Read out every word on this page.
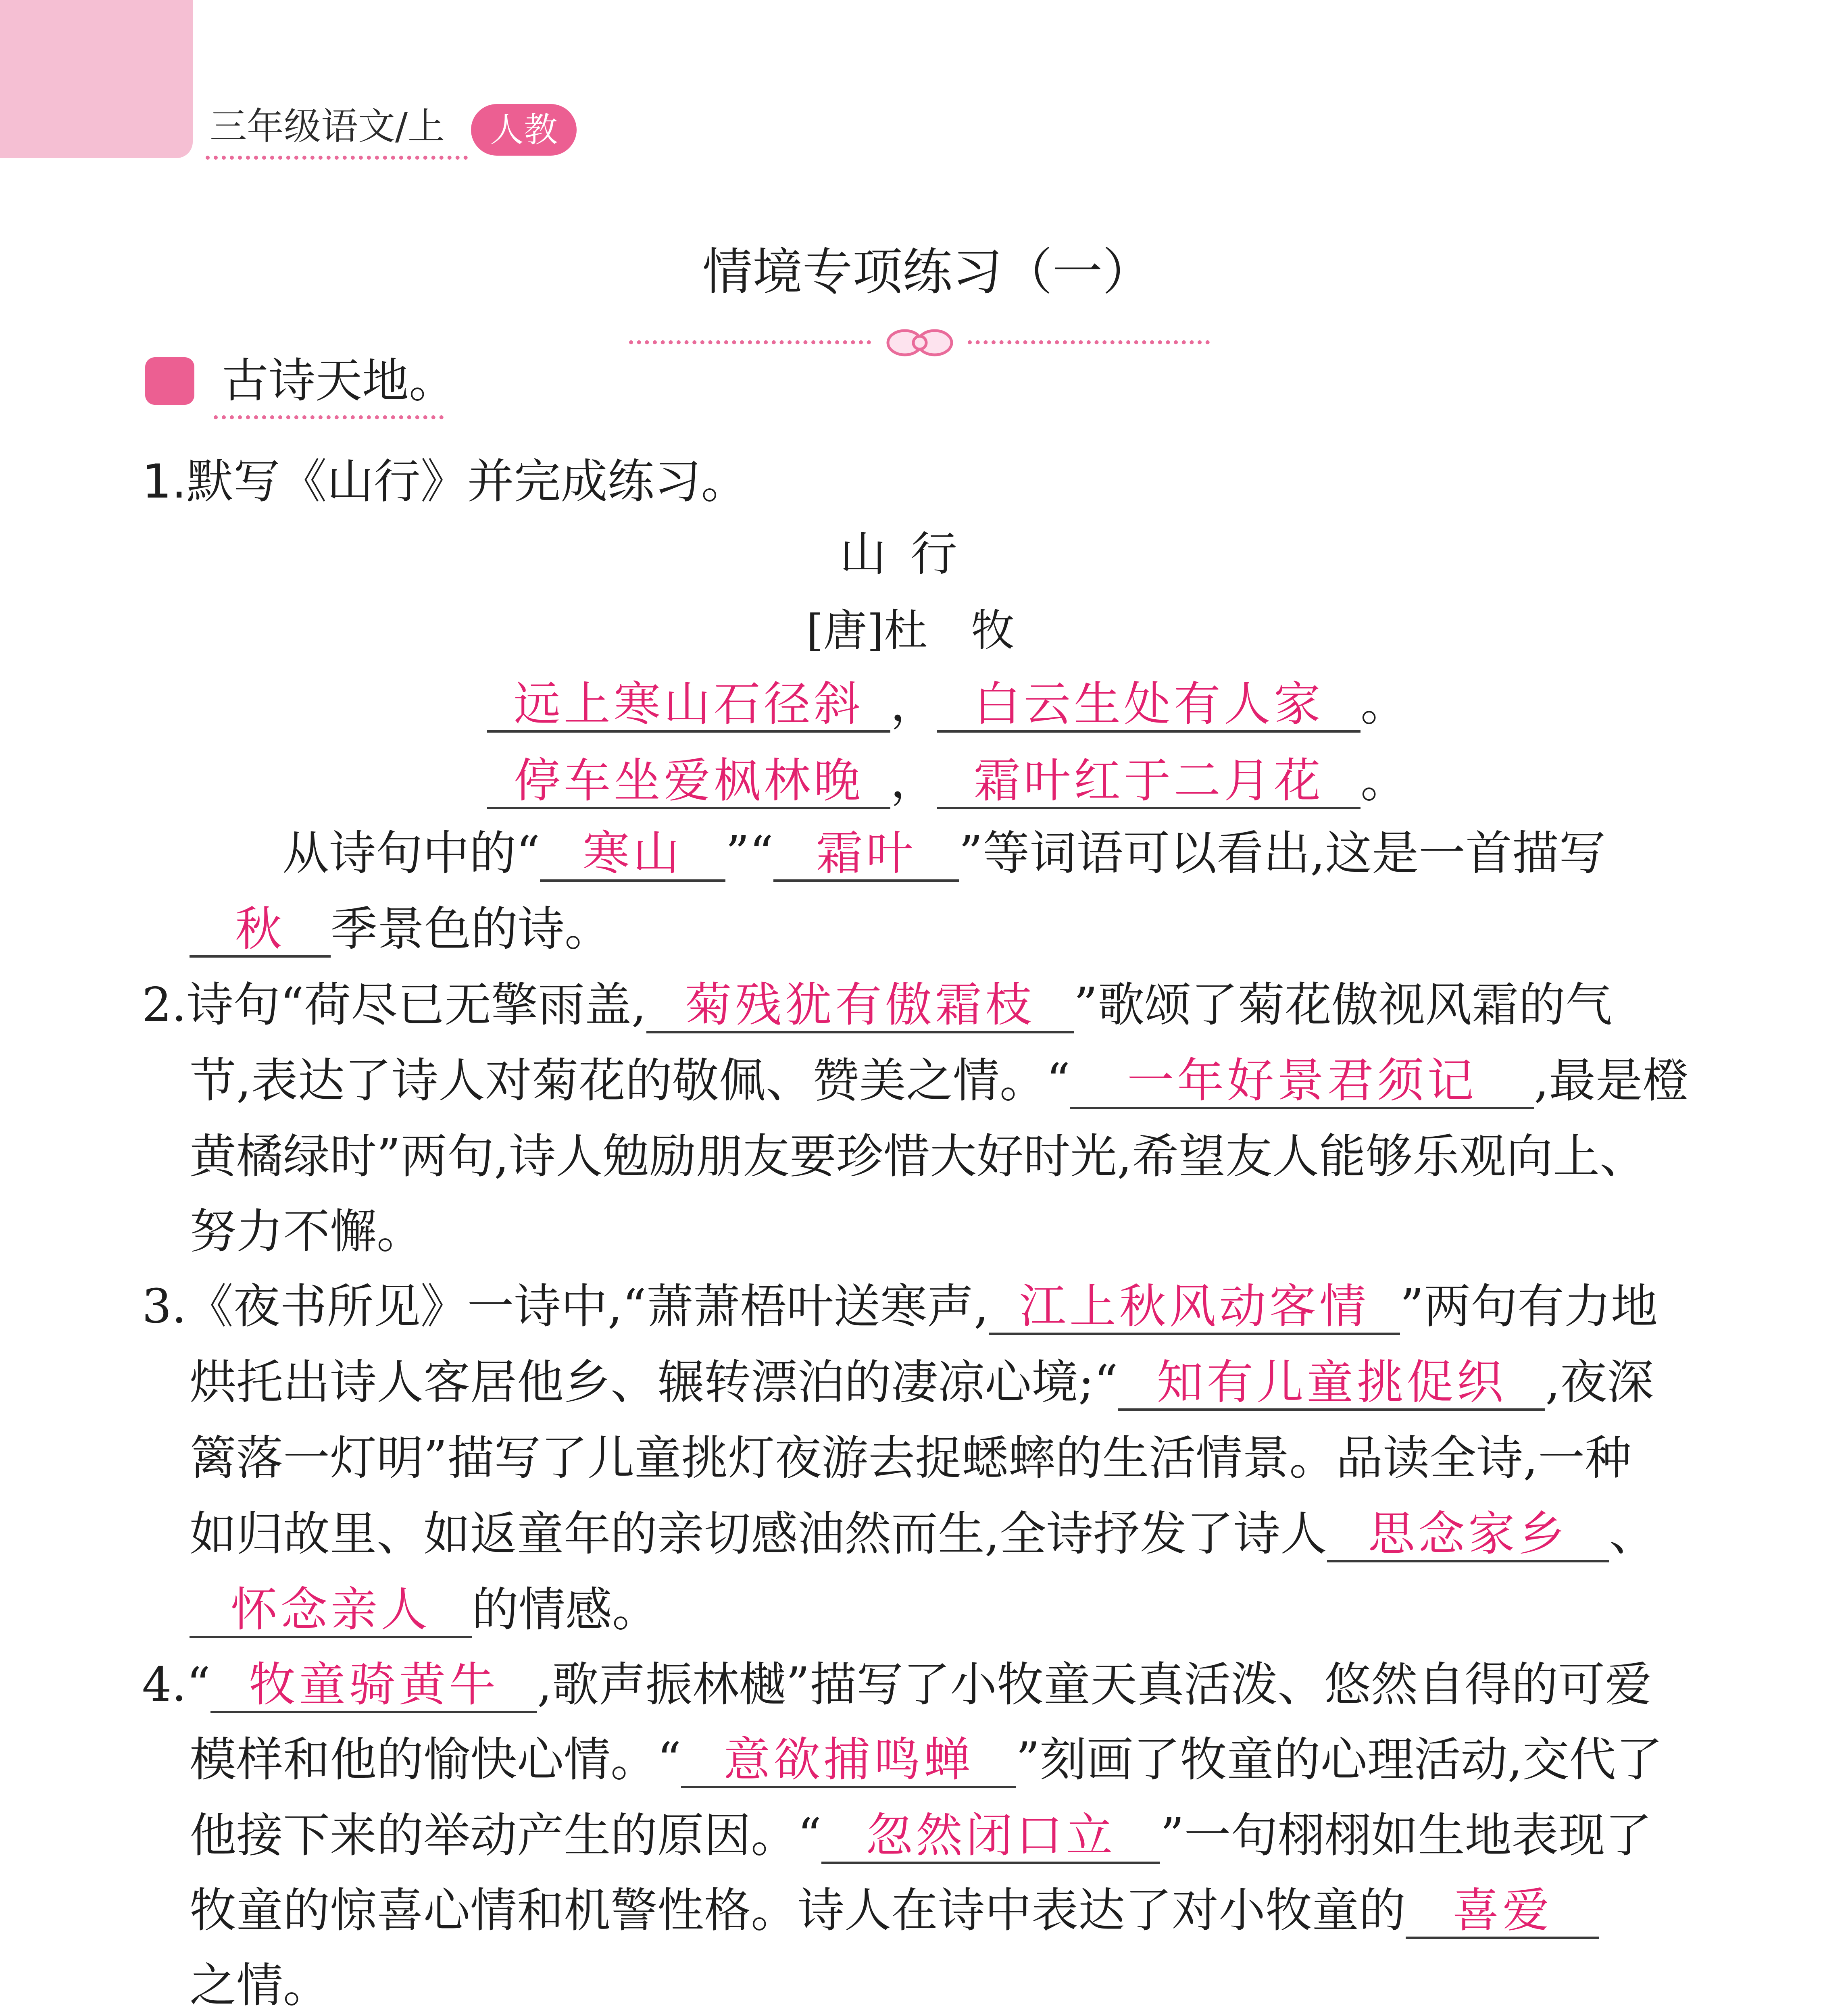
三年级语文/上	人教
情境专项练习（一）
古诗天地。
1.默写《山行》并完成练习。
山行
[唐]杜　牧
远上寒山石径斜 ， 白云生处有人家 。
停车坐爱枫林晚 ， 霜叶红于二月花 。
从诗句中的“ 寒山 ”“ 霜叶 ”等词语可以看出,这是一首描写
秋 季景色的诗。
2.诗句“荷尽已无擎雨盖, 菊残犹有傲霜枝 ”歌颂了菊花傲视风霜的气
节,表达了诗人对菊花的敬佩、赞美之情。“ 一年好景君须记 ,最是橙
黄橘绿时”两句,诗人勉励朋友要珍惜大好时光,希望友人能够乐观向上、
努力不懈。
3.《夜书所见》一诗中,“萧萧梧叶送寒声, 江上秋风动客情 ”两句有力地
烘托出诗人客居他乡、辗转漂泊的凄凉心境;“ 知有儿童挑促织 ,夜深
篱落一灯明”描写了儿童挑灯夜游去捉蟋蟀的生活情景。品读全诗,一种
如归故里、如返童年的亲切感油然而生,全诗抒发了诗人 思念家乡 、
怀念亲人 的情感。
4.“ 牧童骑黄牛 ,歌声振林樾”描写了小牧童天真活泼、悠然自得的可爱
模样和他的愉快心情。“ 意欲捕鸣蝉 ”刻画了牧童的心理活动,交代了
他接下来的举动产生的原因。“ 忽然闭口立 ”一句栩栩如生地表现了
牧童的惊喜心情和机警性格。诗人在诗中表达了对小牧童的 喜爱
之情。
